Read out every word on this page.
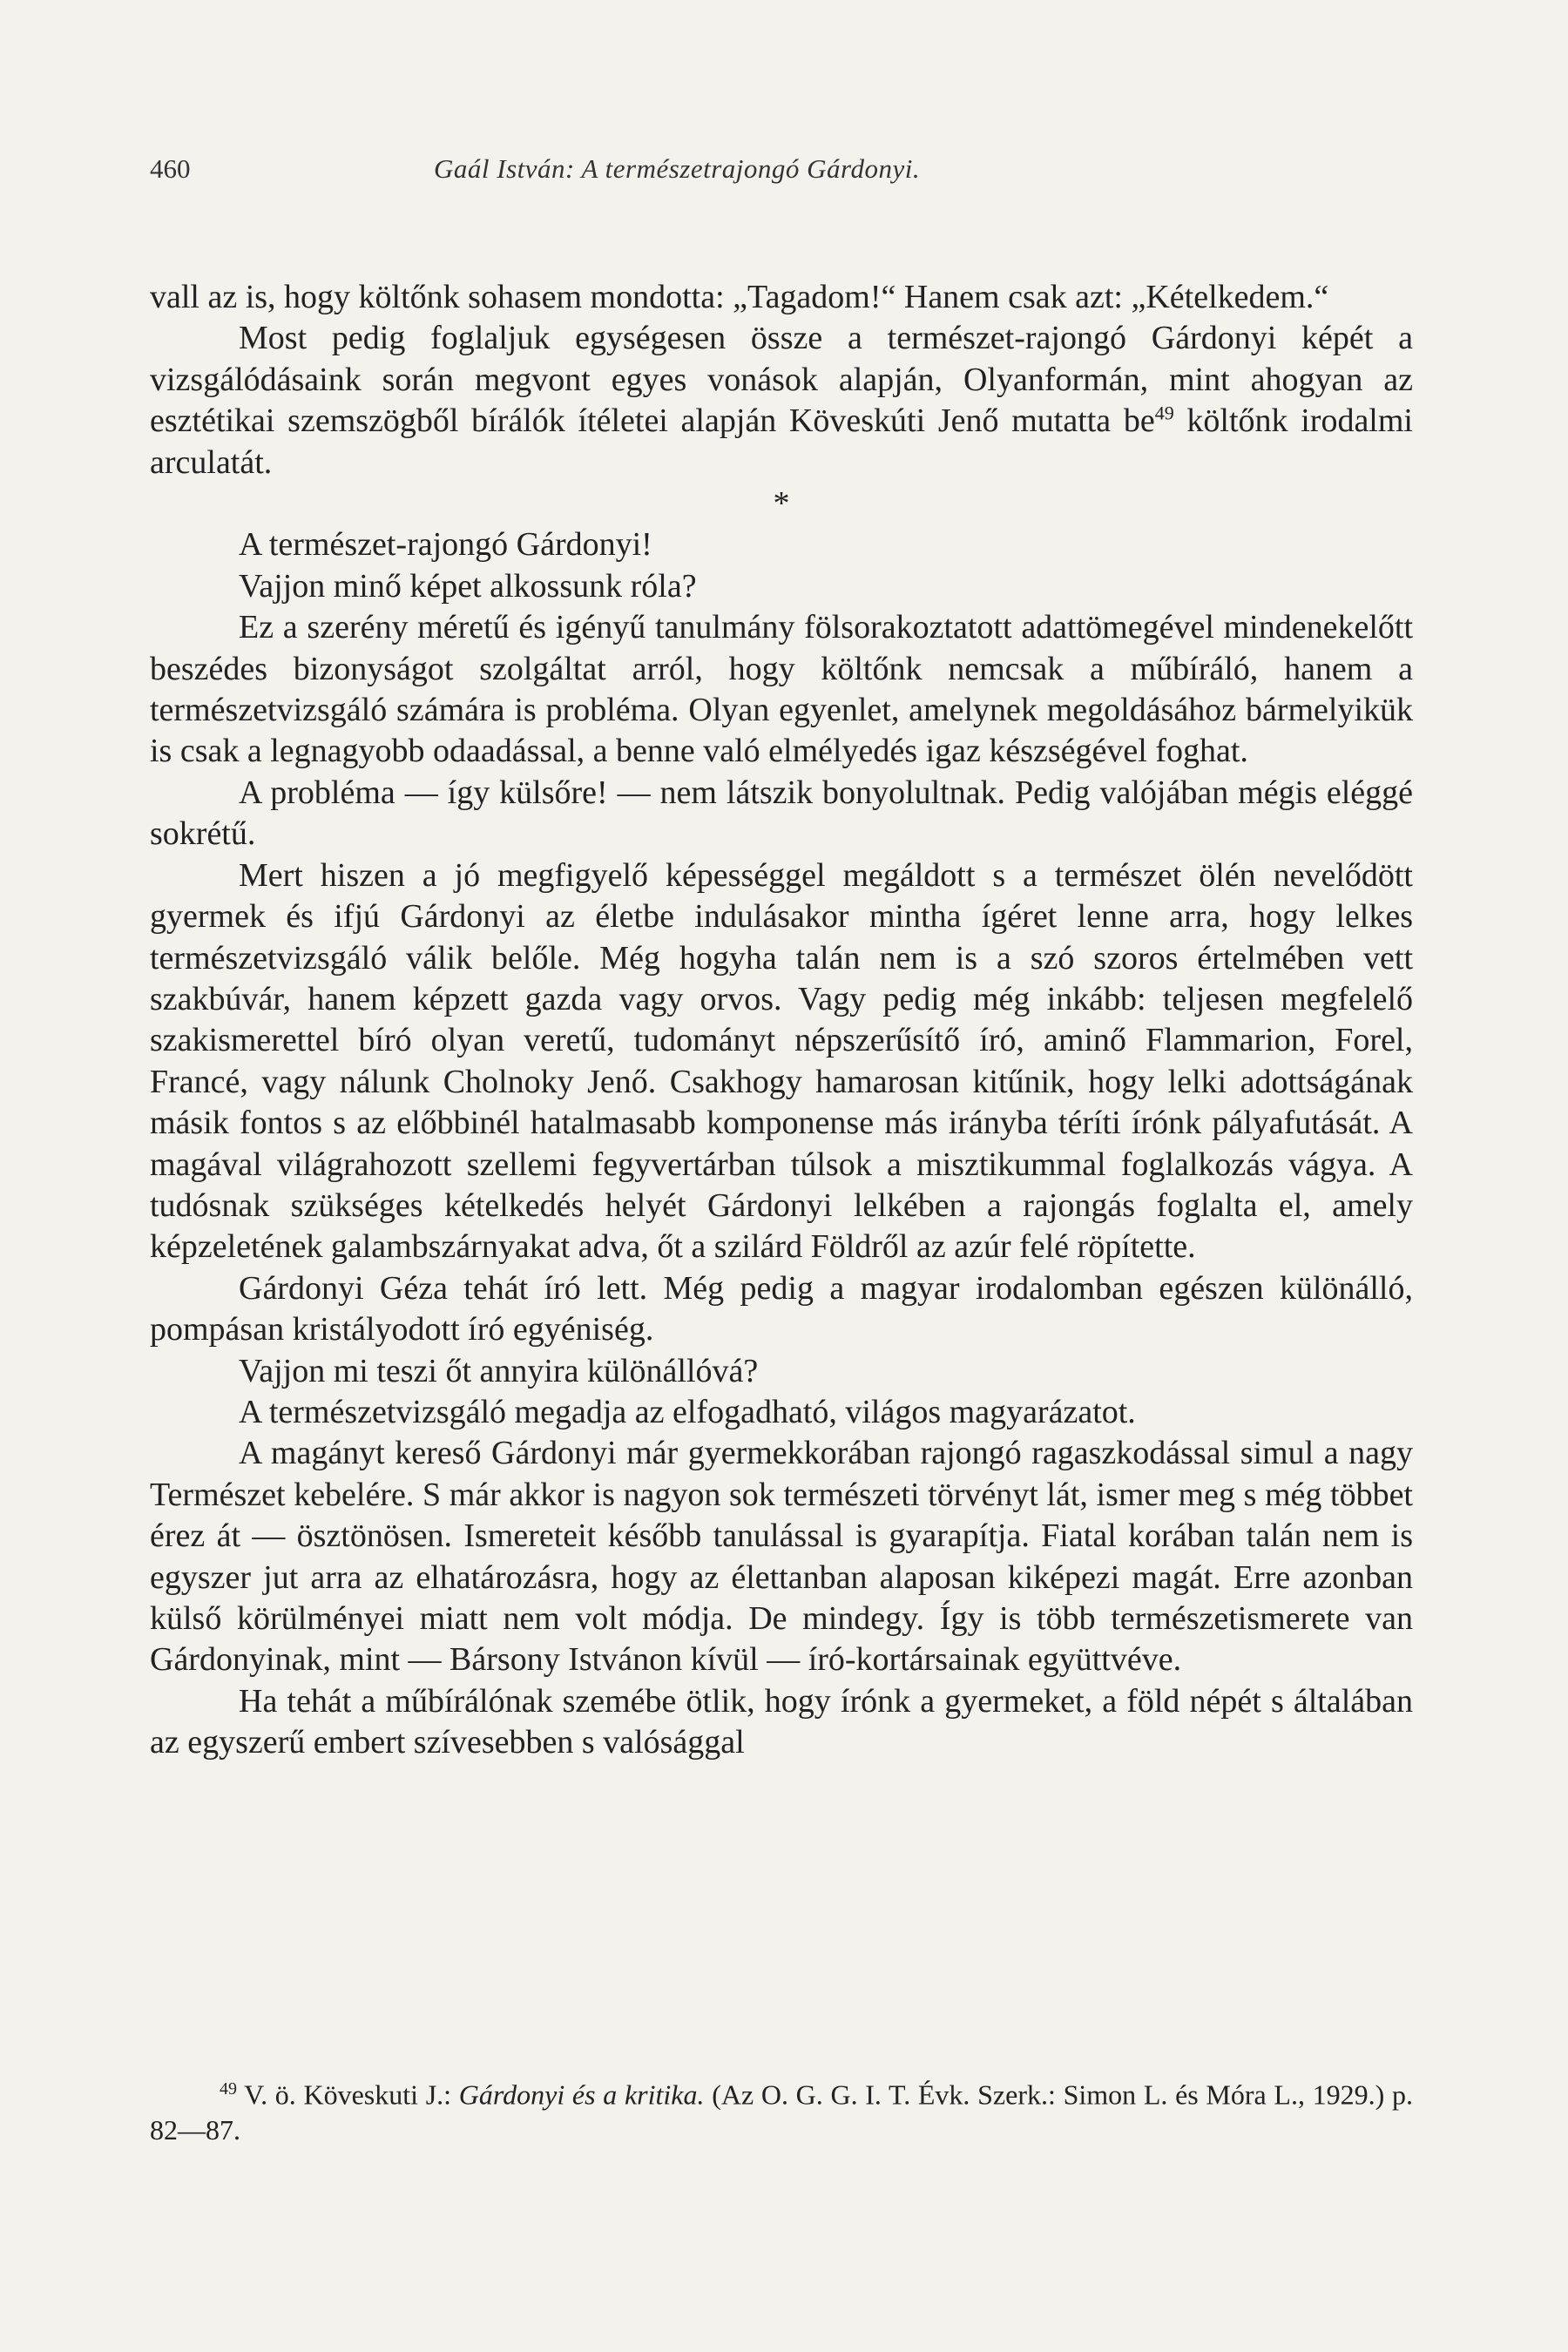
460	Gaál István: A természetrajongó Gárdonyi.

vall az is, hogy költőnk sohasem mondotta: „Tagadom!“ Hanem csak azt: „Kételkedem.“

Most pedig foglaljuk egységesen össze a természet-rajongó Gárdonyi képét a vizsgálódásaink során megvont egyes vonások alapján, Olyanformán, mint ahogyan az esztétikai szemszögből bírálók ítéletei alapján Köveskúti Jenő mutatta $be^{49}$ költőnk irodalmi arculatát.

*

A természet-rajongó Gárdonyi!

Vajjon minő képet alkossunk róla?

Ez a szerény méretű és igényű tanulmány fölsorakoztatott adattömegével mindenekelőtt beszédes bizonyságot szolgáltat arról, hogy költőnk nemcsak a műbíráló, hanem a természetvizsgáló számára is probléma. Olyan egyenlet, amelynek megoldásához bármelyikük is csak a legnagyobb odaadással, a benne való elmélyedés igaz készségével foghat.

A probléma — így külsőre! — nem látszik bonyolultnak. Pedig valójában mégis eléggé sokrétű.

Mert hiszen a jó megfigyelő képességgel megáldott s a természet ölén nevelődött gyermek és ifjú Gárdonyi az életbe indulásakor mintha ígéret lenne arra, hogy lelkes természetvizsgáló válik belőle. Még hogyha talán nem is a szó szoros értelmében vett szakbúvár, hanem képzett gazda vagy orvos. Vagy pedig még inkább: teljesen megfelelő szakismerettel bíró olyan veretű, tudományt népszerűsítő író, aminő Flammarion, Forel, Francé, vagy nálunk Cholnoky Jenő. Csakhogy hamarosan kitűnik, hogy lelki adottságának másik fontos s az előbbinél hatalmasabb komponense más irányba téríti írónk pályafutását. A magával világrahozott szellemi fegyvertárban túlsok a misztikummal foglalkozás vágya. A tudósnak szükséges kételkedés helyét Gárdonyi lelkében a rajongás foglalta el, amely képzeletének galambszárnyakat adva, őt a szilárd Földről az azúr felé röpítette.

Gárdonyi Géza tehát író lett. Még pedig a magyar irodalomban egészen különálló, pompásan kristályodott író egyéniség.

Vajjon mi teszi őt annyira különállóvá?

A természetvizsgáló megadja az elfogadható, világos magyarázatot.

A magányt kereső Gárdonyi már gyermekkorában rajongó ragaszkodással simul a nagy Természet kebelére. S már akkor is nagyon sok természeti törvényt lát, ismer meg s még többet érez át — ösztönösen. Ismereteit később tanulással is gyarapítja. Fiatal korában talán nem is egyszer jut arra az elhatározásra, hogy az élettanban alaposan kiképezi magát. Erre azonban külső körülményei miatt nem volt módja. De mindegy. Így is több természetismerete van Gárdonyinak, mint — Bársony Istvánon kívül — író-kortársainak együttvéve.

Ha tehát a műbírálónak szemébe ötlik, hogy írónk a gyermeket, a föld népét s általában az egyszerű embert szívesebben s valósággal

$^{49}$ V. ö. Köveskuti J.: Gárdonyi és a kritika. (Az O. G. G. I. T. Évk. Szerk.: Simon L. és Móra L., 1929.) p. 82—87.
